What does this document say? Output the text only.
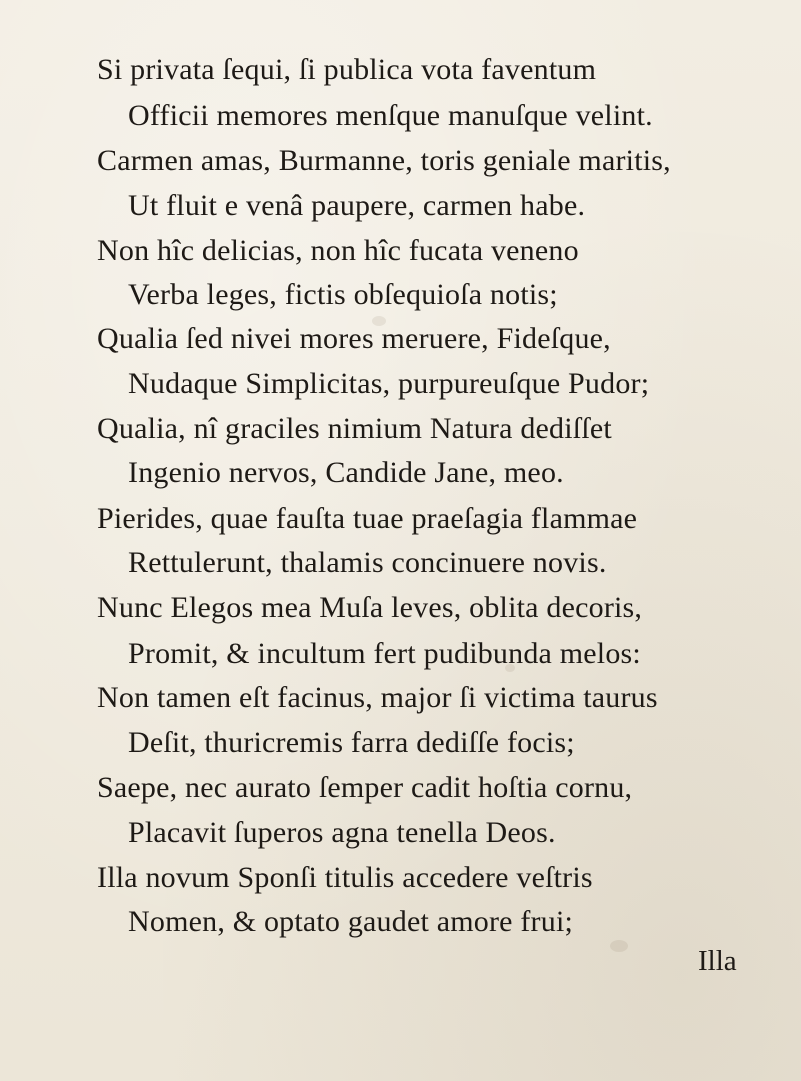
Si privata ſequi, ſi publica vota faventum
Officii memores menſque manuſque velint.
Carmen amas, Burmanne, toris geniale maritis,
Ut fluit e venâ paupere, carmen habe.
Non hîc delicias, non hîc fucata veneno
Verba leges, fictis obſequioſa notis;
Qualia ſed nivei mores meruere, Fideſque,
Nudaque Simplicitas, purpureuſque Pudor;
Qualia, nî graciles nimium Natura dediſſet
Ingenio nervos, Candide Jane, meo.
Pierides, quae fauſta tuae praeſagia flammae
Rettulerunt, thalamis concinuere novis.
Nunc Elegos mea Muſa leves, oblita decoris,
Promit, & incultum fert pudibunda melos:
Non tamen eſt facinus, major ſi victima taurus
Deſit, thuricremis farra dediſſe focis;
Saepe, nec aurato ſemper cadit hoſtia cornu,
Placavit ſuperos agna tenella Deos.
Illa novum Sponſi titulis accedere veſtris
Nomen, & optato gaudet amore frui;
Illa
